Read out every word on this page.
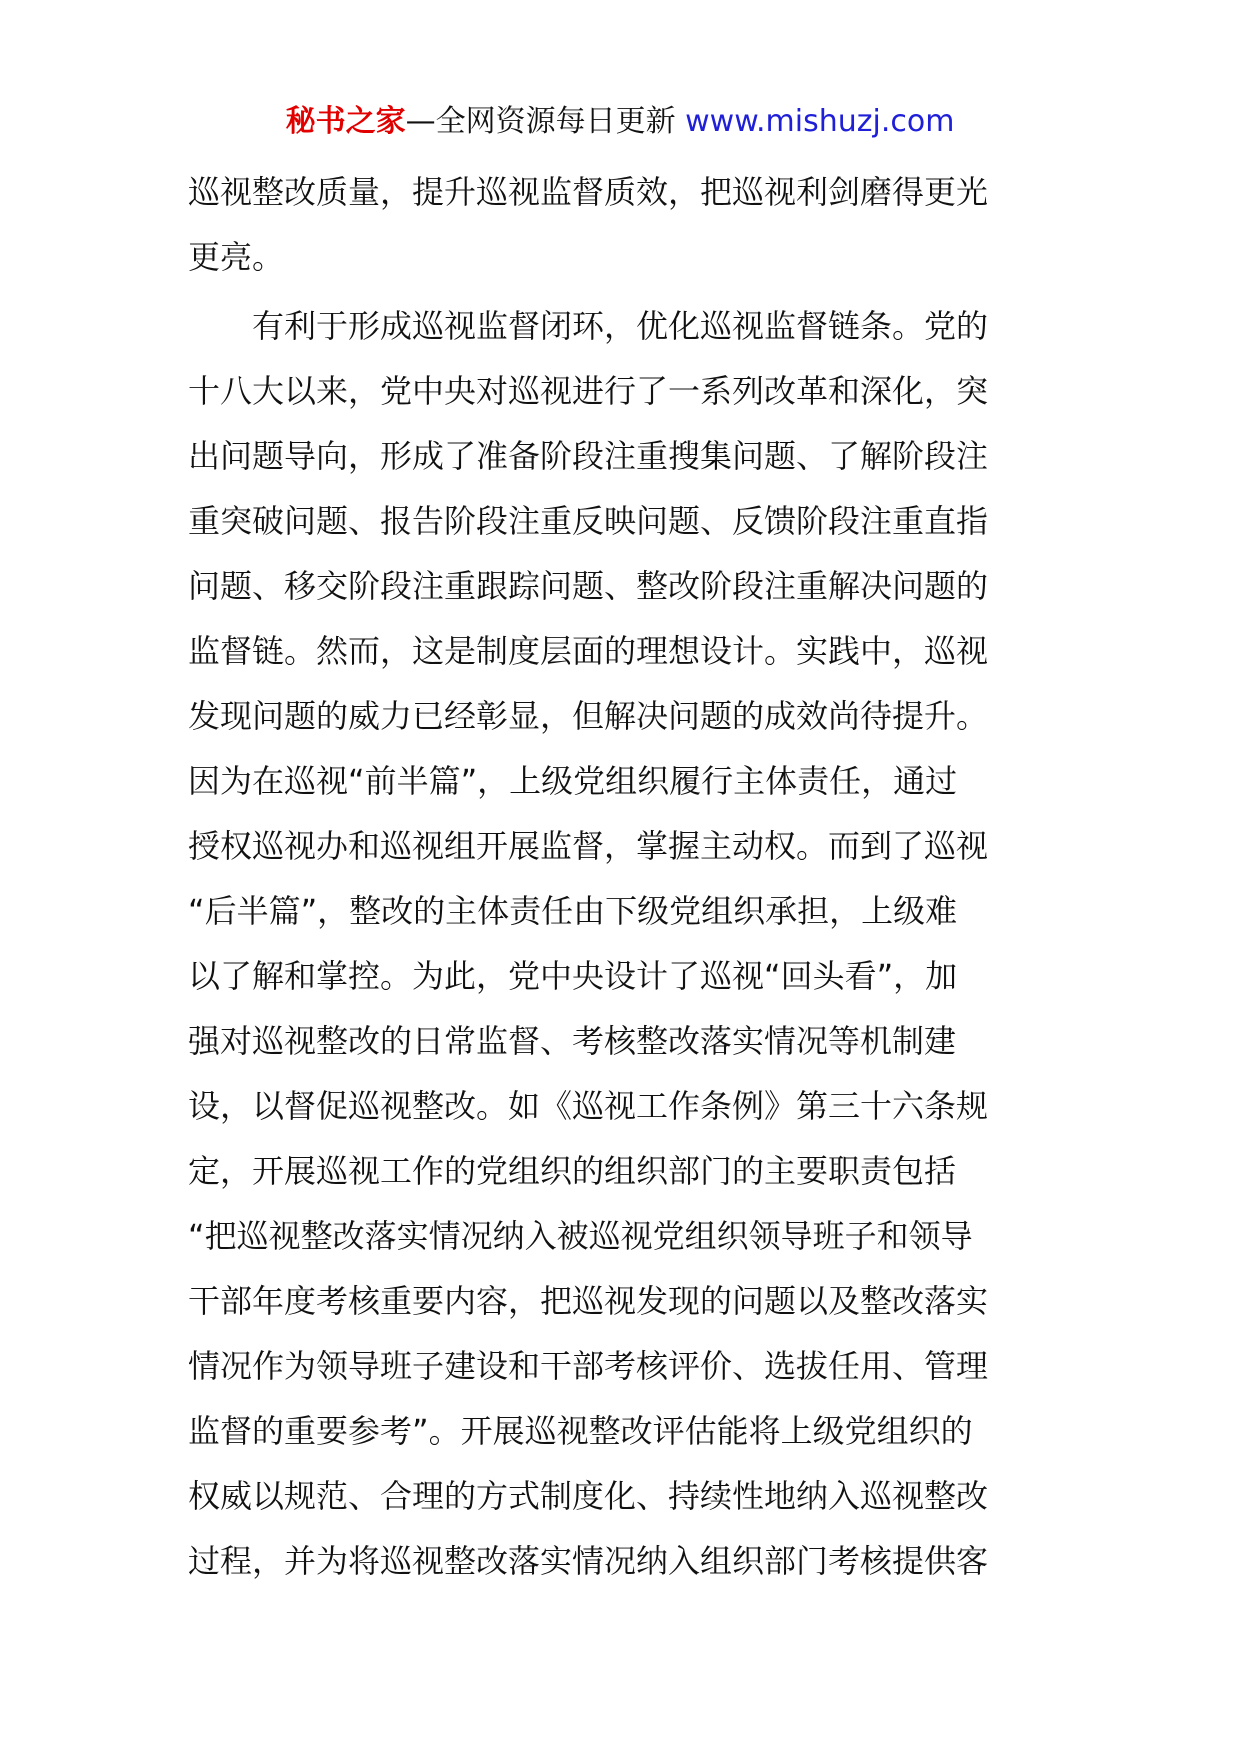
秘书之家—全网资源每日更新 www.mishuzj.com
巡视整改质量，提升巡视监督质效，把巡视利剑磨得更光
更亮。
有利于形成巡视监督闭环，优化巡视监督链条。党的
十八大以来，党中央对巡视进行了一系列改革和深化，突
出问题导向，形成了准备阶段注重搜集问题、了解阶段注
重突破问题、报告阶段注重反映问题、反馈阶段注重直指
问题、移交阶段注重跟踪问题、整改阶段注重解决问题的
监督链。然而，这是制度层面的理想设计。实践中，巡视
发现问题的威力已经彰显，但解决问题的成效尚待提升。
因为在巡视“前半篇”，上级党组织履行主体责任，通过
授权巡视办和巡视组开展监督，掌握主动权。而到了巡视
“后半篇”，整改的主体责任由下级党组织承担，上级难
以了解和掌控。为此，党中央设计了巡视“回头看”，加
强对巡视整改的日常监督、考核整改落实情况等机制建
设，以督促巡视整改。如《巡视工作条例》第三十六条规
定，开展巡视工作的党组织的组织部门的主要职责包括
“把巡视整改落实情况纳入被巡视党组织领导班子和领导
干部年度考核重要内容，把巡视发现的问题以及整改落实
情况作为领导班子建设和干部考核评价、选拔任用、管理
监督的重要参考”。开展巡视整改评估能将上级党组织的
权威以规范、合理的方式制度化、持续性地纳入巡视整改
过程，并为将巡视整改落实情况纳入组织部门考核提供客
